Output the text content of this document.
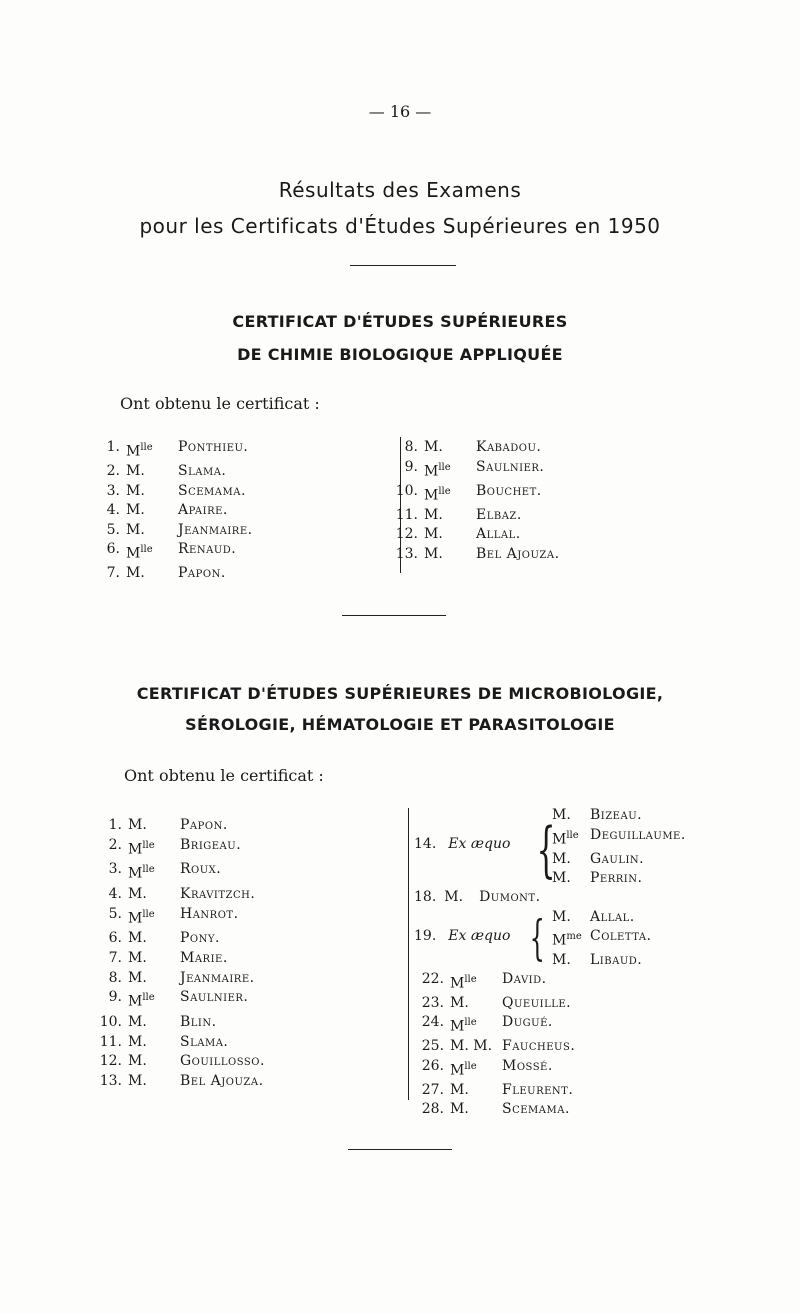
— 16 —
Résultats des Examens
pour les Certificats d'Études Supérieures en 1950
CERTIFICAT D'ÉTUDES SUPÉRIEURES
DE CHIMIE BIOLOGIQUE APPLIQUÉE
Ont obtenu le certificat :
1. $M^{lle}$	Ponthieu.
2. M.	Slama.
3. M.	Scemama.
4. M.	Apaire.
5. M.	Jeanmaire.
6. $M^{lle}$	Renaud.
7. M.	Papon.
8. M.	Kabadou.
9. $M^{lle}$	Saulnier.
10. $M^{lle}$	Bouchet.
11. M.	Elbaz.
12. M.	Allal.
13. M.	Bel Ajouza.
CERTIFICAT D'ÉTUDES SUPÉRIEURES DE MICROBIOLOGIE,
SÉROLOGIE, HÉMATOLOGIE ET PARASITOLOGIE
Ont obtenu le certificat :
1. M.	Papon.
2. $M^{lle}$	Brigeau.
3. $M^{lle}$	Roux.
4. M.	Kravitzch.
5. $M^{lle}$	Hanrot.
6. M.	Pony.
7. M.	Marie.
8. M.	Jeanmaire.
9. $M^{lle}$	Saulnier.
10. M.	Blin.
11. M.	Slama.
12. M.	Gouillosso.
13. M.	Bel Ajouza.
14. Ex æquo {
M.	Bizeau.
$M^{lle}$ Deguillaume.
M.	Gaulin.
M.	Perrin.
18. M. Dumont.
19. Ex æquo { M.	Allal.
$M^{me}$ Coletta.
M.	Libaud.
22. $M^{lle}$	David.
23. M.	Queuille.
24. $M^{lle}$	Dugué.
25. M. M. Faucheus.
26. $M^{lle}$	Mossé.
27. M.	Fleurent.
28. M.	Scemama.
